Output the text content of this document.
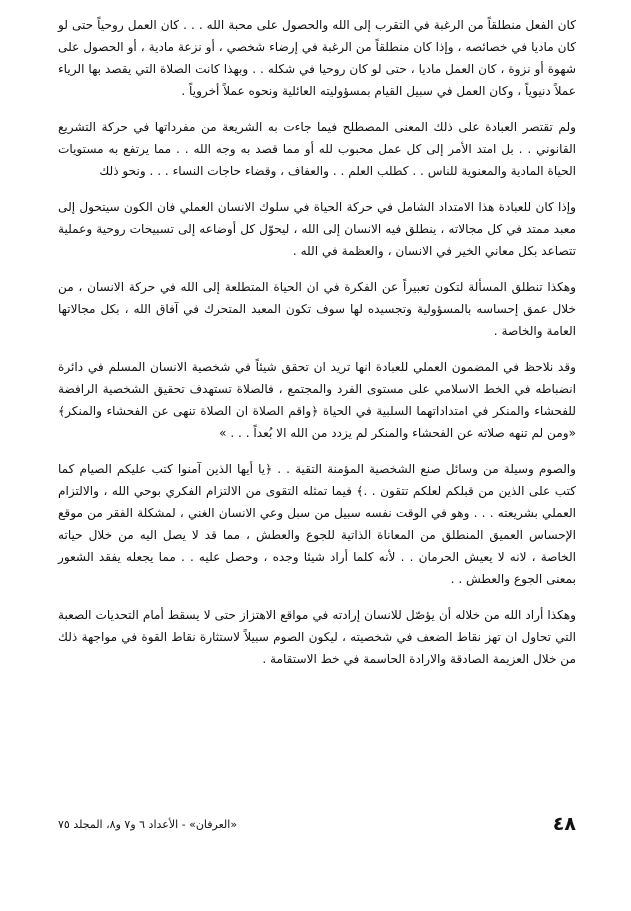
كان الفعل منطلقاً من الرغبة في التقرب إلى الله والحصول على محبة الله . . . كان العمل روحياً حتى لو كان ماديا في خصائصه ، وإذا كان منطلقاً من الرغبة في إرضاء شخصي ، أو نزعة مادية ، أو الحصول على شهوة أو نزوة ، كان العمل ماديا ، حتى لو كان روحيا في شكله . . وبهذا كانت الصلاة التي يقصد بها الرياء عملاً دنيوياً ، وكان العمل في سبيل القيام بمسؤوليته العائلية ونحوه عملاً أخروياً .

ولم تقتصر العبادة على ذلك المعنى المصطلح فيما جاءت به الشريعة من مفرداتها في حركة التشريع القانوني . . بل امتد الأمر إلى كل عمل محبوب لله أو مما قصد به وجه الله . . مما يرتفع به مستويات الحياة المادية والمعنوية للناس . . كطلب العلم . . والعفاف ، وقضاء حاجات النساء . . . ونحو ذلك

وإذا كان للعبادة هذا الامتداد الشامل في حركة الحياة في سلوك الانسان العملي فان الكون سيتحول إلى معبد ممتد في كل مجالاته ، ينطلق فيه الانسان إلى الله ، ليحوّل كل أوضاعه إلى تسبيحات روحية وعملية تتصاعد بكل معاني الخير في الانسان ، والعظمة في الله .

وهكذا تنطلق المسألة لتكون تعبيراً عن الفكرة في ان الحياة المتطلعة إلى الله في حركة الانسان ، من خلال عمق إحساسه بالمسؤولية وتجسيده لها سوف تكون المعبد المتحرك في آفاق الله ، بكل مجالاتها العامة والخاصة .

وقد نلاحظ في المضمون العملي للعبادة انها تريد ان تحقق شيئاً في شخصية الانسان المسلم في دائرة انضباطه في الخط الاسلامي على مستوى الفرد والمجتمع ، فالصلاة تستهدف تحقيق الشخصية الرافضة للفحشاء والمنكر في امتداداتهما السلبية في الحياة ﴿واقم الصلاة ان الصلاة تنهى عن الفحشاء والمنكر﴾ «ومن لم تنهه صلاته عن الفحشاء والمنكر لم يزدد من الله الا بُعداً . . . »

والصوم وسيلة من وسائل صنع الشخصية المؤمنة التقية . . ﴿يا أيها الذين آمنوا كتب عليكم الصيام كما كتب على الذين من قبلكم لعلكم تتقون . .﴾ فيما تمثله التقوى من الالتزام الفكري بوحي الله ، والالتزام العملي بشريعته . . . وهو في الوقت نفسه سبيل من سبل وعي الانسان الغني ، لمشكلة الفقر من موقع الإحساس العميق المنطلق من المعاناة الذاتية للجوع والعطش ، مما قد لا يصل اليه من خلال حياته الخاصة ، لانه لا يعيش الحرمان . . لأنه كلما أراد شيئا وجده ، وحصل عليه . . مما يجعله يفقد الشعور بمعنى الجوع والعطش . .

وهكذا أراد الله من خلاله أن يؤصّل للانسان إرادته في مواقع الاهتزاز حتى لا يسقط أمام التحديات الصعبة التي تحاول ان تهز نقاط الضعف في شخصيته ، ليكون الصوم سبيلاً لاستثارة نقاط القوة في مواجهة ذلك من خلال العزيمة الصادقة والارادة الحاسمة في خط الاستقامة .

٤٨
«العرفان» - الأعداد ٦ و٧ و٨، المجلد ٧٥
